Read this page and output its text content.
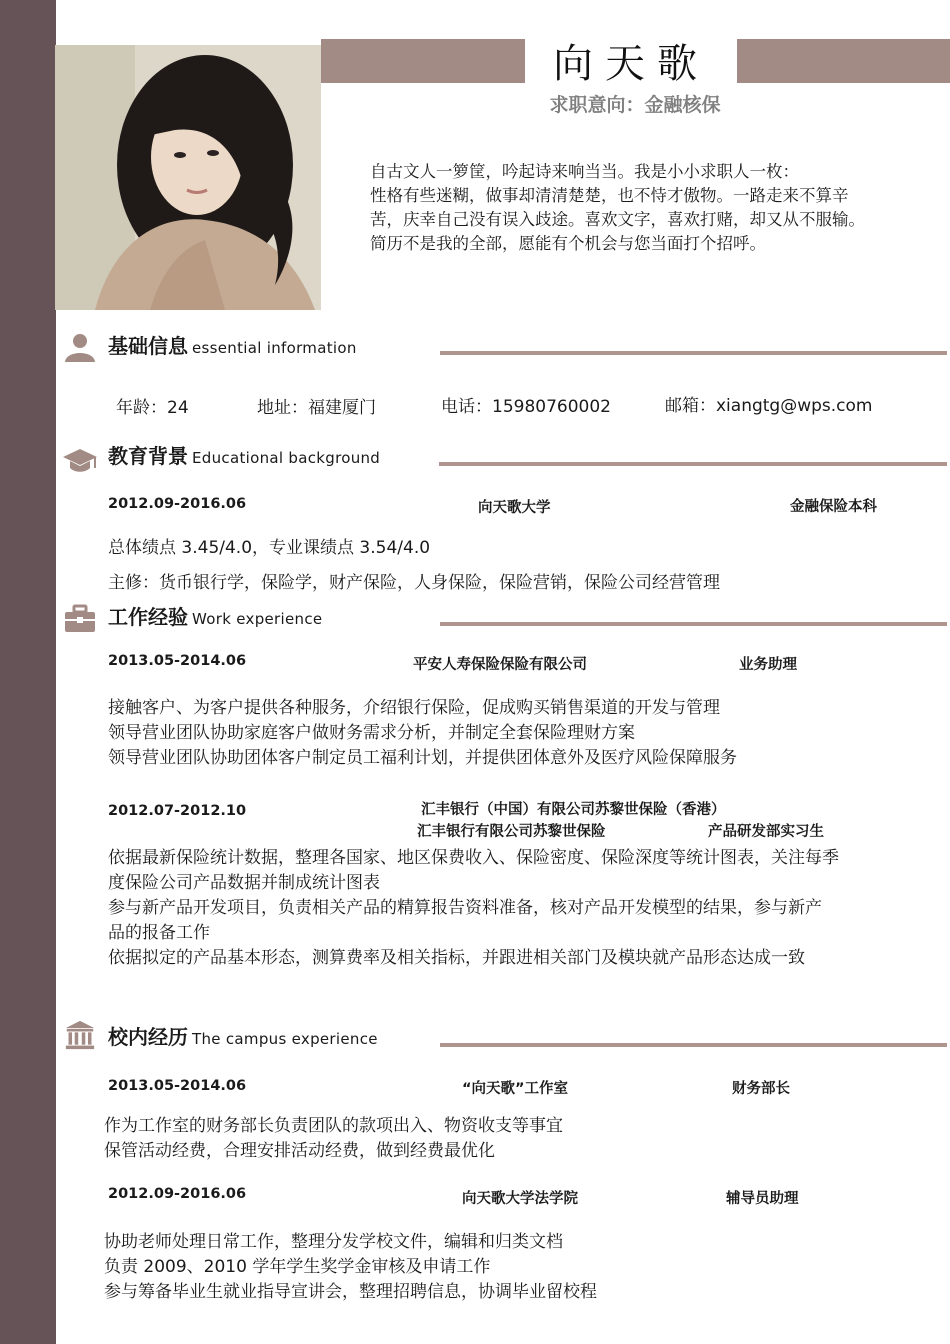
向天歌
求职意向：金融核保
自古文人一箩筐，吟起诗来响当当。我是小小求职人一枚：
性格有些迷糊，做事却清清楚楚，也不恃才傲物。一路走来不算辛
苦，庆幸自己没有误入歧途。喜欢文字，喜欢打赌，却又从不服输。
简历不是我的全部，愿能有个机会与您当面打个招呼。
基础信息 essential information
年龄：24	地址：福建厦门	电话：15980760002	邮箱：xiangtg@wps.com
教育背景 Educational background
2012.09-2016.06	向天歌大学	金融保险本科
总体绩点 3.45/4.0，专业课绩点 3.54/4.0
主修：货币银行学，保险学，财产保险，人身保险，保险营销，保险公司经营管理
工作经验 Work experience
2013.05-2014.06	平安人寿保险保险有限公司	业务助理
接触客户、为客户提供各种服务，介绍银行保险，促成购买销售渠道的开发与管理
领导营业团队协助家庭客户做财务需求分析，并制定全套保险理财方案
领导营业团队协助团体客户制定员工福利计划，并提供团体意外及医疗风险保障服务
2012.07-2012.10	汇丰银行（中国）有限公司苏黎世保险（香港）
汇丰银行有限公司苏黎世保险	产品研发部实习生
依据最新保险统计数据，整理各国家、地区保费收入、保险密度、保险深度等统计图表，关注每季
度保险公司产品数据并制成统计图表
参与新产品开发项目，负责相关产品的精算报告资料准备，核对产品开发模型的结果，参与新产
品的报备工作
依据拟定的产品基本形态，测算费率及相关指标，并跟进相关部门及模块就产品形态达成一致
校内经历 The campus experience
2013.05-2014.06	“向天歌”工作室	财务部长
作为工作室的财务部长负责团队的款项出入、物资收支等事宜
保管活动经费，合理安排活动经费，做到经费最优化
2012.09-2016.06	向天歌大学法学院	辅导员助理
协助老师处理日常工作，整理分发学校文件，编辑和归类文档
负责 2009、2010 学年学生奖学金审核及申请工作
参与筹备毕业生就业指导宣讲会，整理招聘信息，协调毕业留校程
